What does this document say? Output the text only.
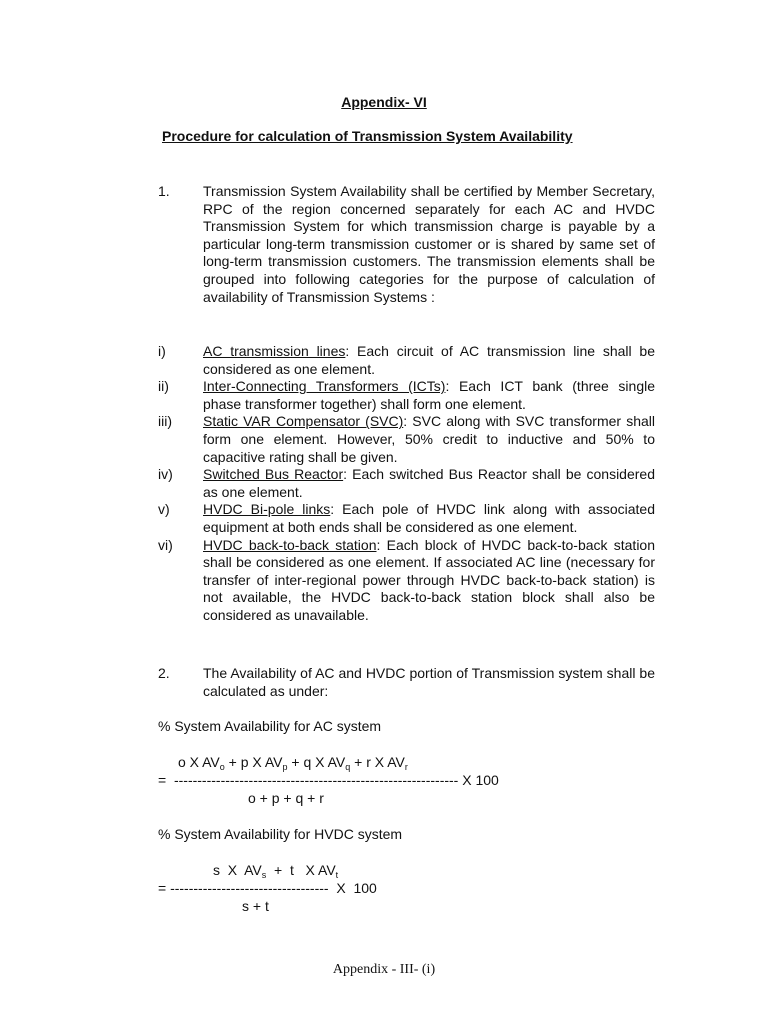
Appendix- VI
Procedure for calculation of Transmission System Availability
1. Transmission System Availability shall be certified by Member Secretary, RPC of the region concerned separately for each AC and HVDC Transmission System for which transmission charge is payable by a particular long-term transmission customer or is shared by same set of long-term transmission customers. The transmission elements shall be grouped into following categories for the purpose of calculation of availability of Transmission Systems :
i)	AC transmission lines: Each circuit of AC transmission line shall be considered as one element.
ii) Inter-Connecting Transformers (ICTs): Each ICT bank (three single phase transformer together) shall form one element.
iii) Static VAR Compensator (SVC): SVC along with SVC transformer shall form one element. However, 50% credit to inductive and 50% to capacitive rating shall be given.
iv) Switched Bus Reactor: Each switched Bus Reactor shall be considered as one element.
v) HVDC Bi-pole links: Each pole of HVDC link along with associated equipment at both ends shall be considered as one element.
vi) HVDC back-to-back station: Each block of HVDC back-to-back station shall be considered as one element. If associated AC line (necessary for transfer of inter-regional power through HVDC back-to-back station) is not available, the HVDC back-to-back station block shall also be considered as unavailable.
2. The Availability of AC and HVDC portion of Transmission system shall be calculated as under:
% System Availability for AC system
o X $AV_o + p$ X $AV_p + q$ X $AV_q + r$ X $AV_r$
=  ------------------------------------------------------------- X 100
o + p + q + r
% System Availability for HVDC system
s  X  $AV_s + t$   X $AV_t$
= ----------------------------------  X  100
s + t
Appendix - III- (i)
